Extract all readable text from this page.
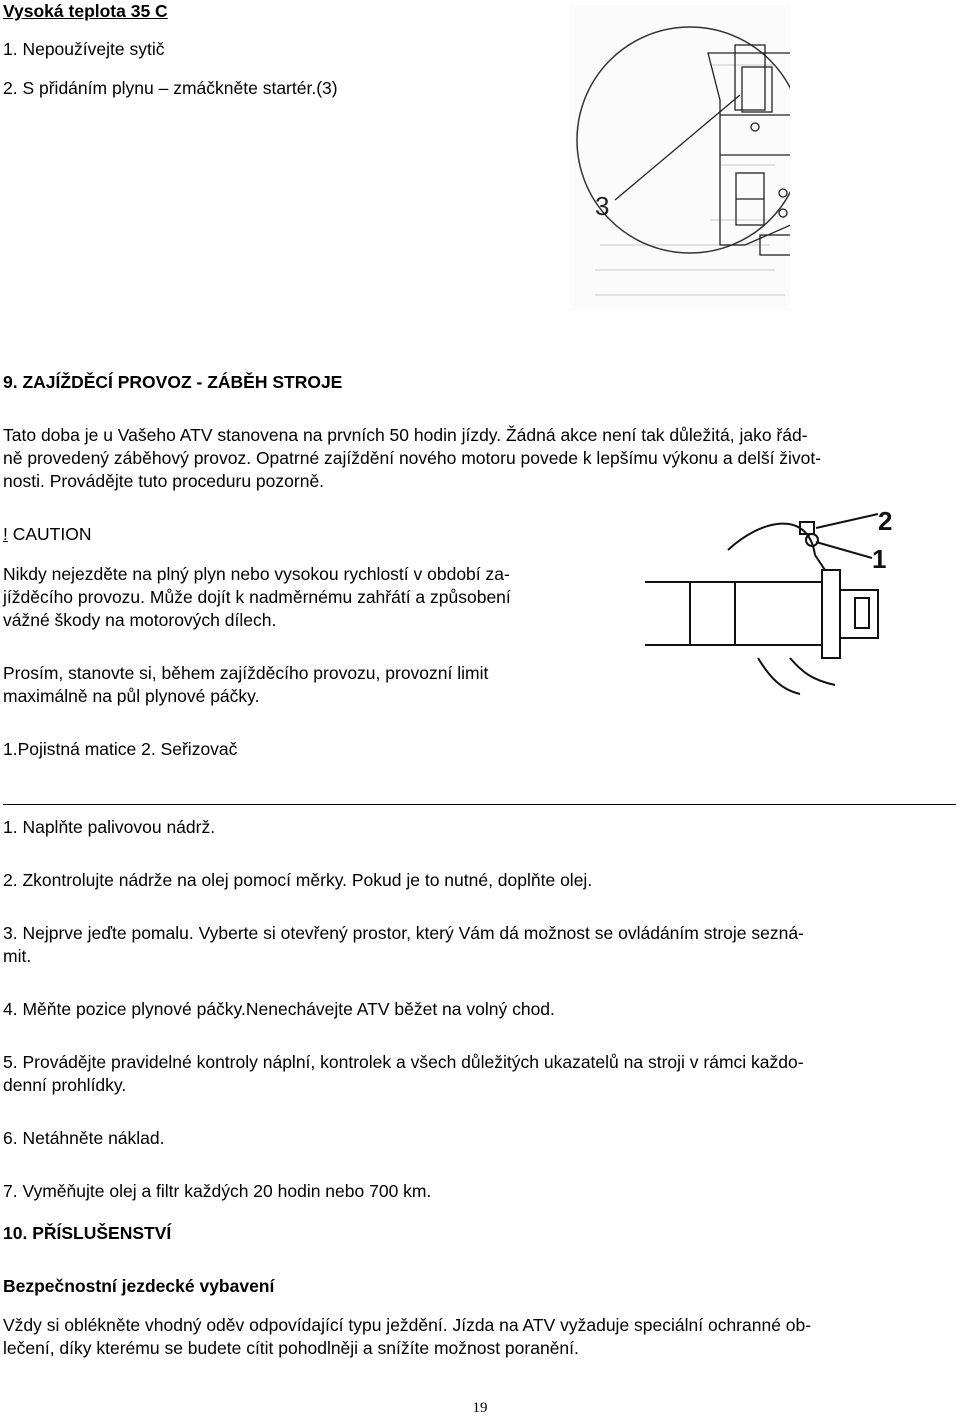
Vysoká teplota 35 C
1. Nepoužívejte sytič
2. S přidáním plynu – zmáčkněte startér.(3)
3
9. ZAJÍŽDĚCÍ PROVOZ - ZÁBĚH STROJE
Tato doba je u Vašeho ATV stanovena na prvních 50 hodin jízdy. Žádná akce není tak důležitá, jako řád-
ně provedený záběhový provoz. Opatrné zajíždění nového motoru povede k lepšímu výkonu a delší život-
nosti. Provádějte tuto proceduru pozorně.
! CAUTION
Nikdy nejezděte na plný plyn nebo vysokou rychlostí v období za-
jížděcího provozu. Může dojít k nadměrnému zahřátí a způsobení
vážné škody na motorových dílech.
Prosím, stanovte si, během zajížděcího provozu, provozní limit
maximálně na půl plynové páčky.
1.Pojistná matice 2. Seřizovač
2
1
1. Naplňte palivovou nádrž.
2. Zkontrolujte nádrže na olej pomocí měrky. Pokud je to nutné, doplňte olej.
3. Nejprve jeďte pomalu. Vyberte si otevřený prostor, který Vám dá možnost se ovládáním stroje sezná-
mit.
4. Měňte pozice plynové páčky.Nenechávejte ATV běžet na volný chod.
5. Provádějte pravidelné kontroly náplní, kontrolek a všech důležitých ukazatelů na stroji v rámci každo-
denní prohlídky.
6. Netáhněte náklad.
7. Vyměňujte olej a filtr každých 20 hodin nebo 700 km.
10. PŘÍSLUŠENSTVÍ
Bezpečnostní jezdecké vybavení
Vždy si oblékněte vhodný oděv odpovídající typu ježdění. Jízda na ATV vyžaduje speciální ochranné ob-
lečení, díky kterému se budete cítit pohodlněji a snížíte možnost poranění.
19
